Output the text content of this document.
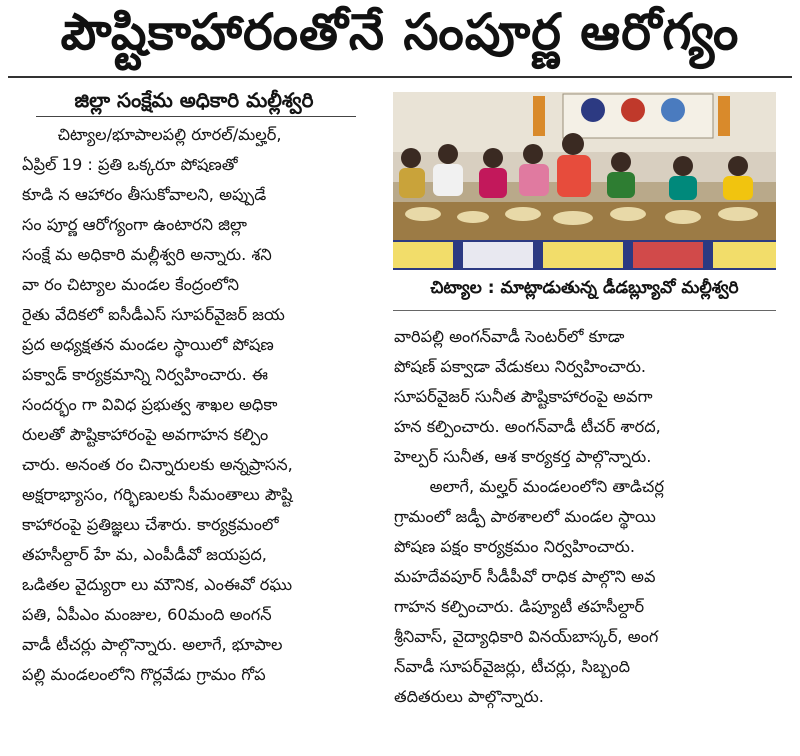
పౌష్టికాహారంతోనే సంపూర్ణ ఆరోగ్యం
జిల్లా సంక్షేమ అధికారి మల్లీశ్వరి
చిట్యాల/భూపాలపల్లి రూరల్/మల్హర్,
ఏప్రిల్ 19 : ప్రతి ఒక్కరూ పోషణతో
కూడి న ఆహారం తీసుకోవాలని, అప్పుడే
సం పూర్ణ ఆరోగ్యంగా ఉంటారని జిల్లా
సంక్షే మ అధికారి మల్లీశ్వరి అన్నారు. శని
వా రం చిట్యాల మండల కేంద్రంలోని
రైతు వేదికలో ఐసీడీఎస్ సూపర్‌వైజర్ జయ
ప్రద అధ్యక్షతన మండల స్థాయిలో పోషణ
పక్వాడ్ కార్యక్రమాన్ని నిర్వహించారు. ఈ
సందర్భం గా వివిధ ప్రభుత్వ శాఖల అధికా
రులతో పౌష్టికాహారంపై అవగాహన కల్పిం
చారు. అనంత రం చిన్నారులకు అన్నప్రాసన,
అక్షరాభ్యాసం, గర్భిణులకు సీమంతాలు పౌష్టి
కాహారంపై ప్రతిజ్ఞలు చేశారు. కార్యక్రమంలో
తహసీల్దార్ హే మ, ఎంపీడీవో జయప్రద,
ఒడితల వైద్యురా లు మౌనిక, ఎంఈవో రఘు
పతి, ఏపీఎం మంజుల, 60మంది అంగన్
వాడీ టీచర్లు పాల్గొన్నారు. అలాగే, భూపాల
పల్లి మండలంలోని గొర్లవేడు గ్రామం గోప
చిట్యాల : మాట్లాడుతున్న డీడబ్ల్యూవో మల్లీశ్వరి
వారిపల్లి అంగన్‌వాడీ సెంటర్‌లో కూడా
పోషణ్ పక్వాడా వేడుకలు నిర్వహించారు.
సూపర్‌వైజర్ సునీత పౌష్టికాహారంపై అవగా
హన కల్పించారు. అంగన్‌వాడీ టీచర్ శారద,
హెల్పర్ సునీత, ఆశ కార్యకర్త పాల్గొన్నారు.
అలాగే, మల్హర్ మండలంలోని తాడిచర్ల
గ్రామంలో జడ్పీ పాఠశాలలో మండల స్థాయి
పోషణ పక్షం కార్యక్రమం నిర్వహించారు.
మహదేవపూర్ సీడీపీవో రాధిక పాల్గొని అవ
గాహన కల్పించారు. డిప్యూటీ తహసీల్దార్
శ్రీనివాస్, వైద్యాధికారి వినయ్‌బాస్కర్, అంగ
న్‌వాడీ సూపర్‌వైజర్లు, టీచర్లు, సిబ్బంది
తదితరులు పాల్గొన్నారు.
